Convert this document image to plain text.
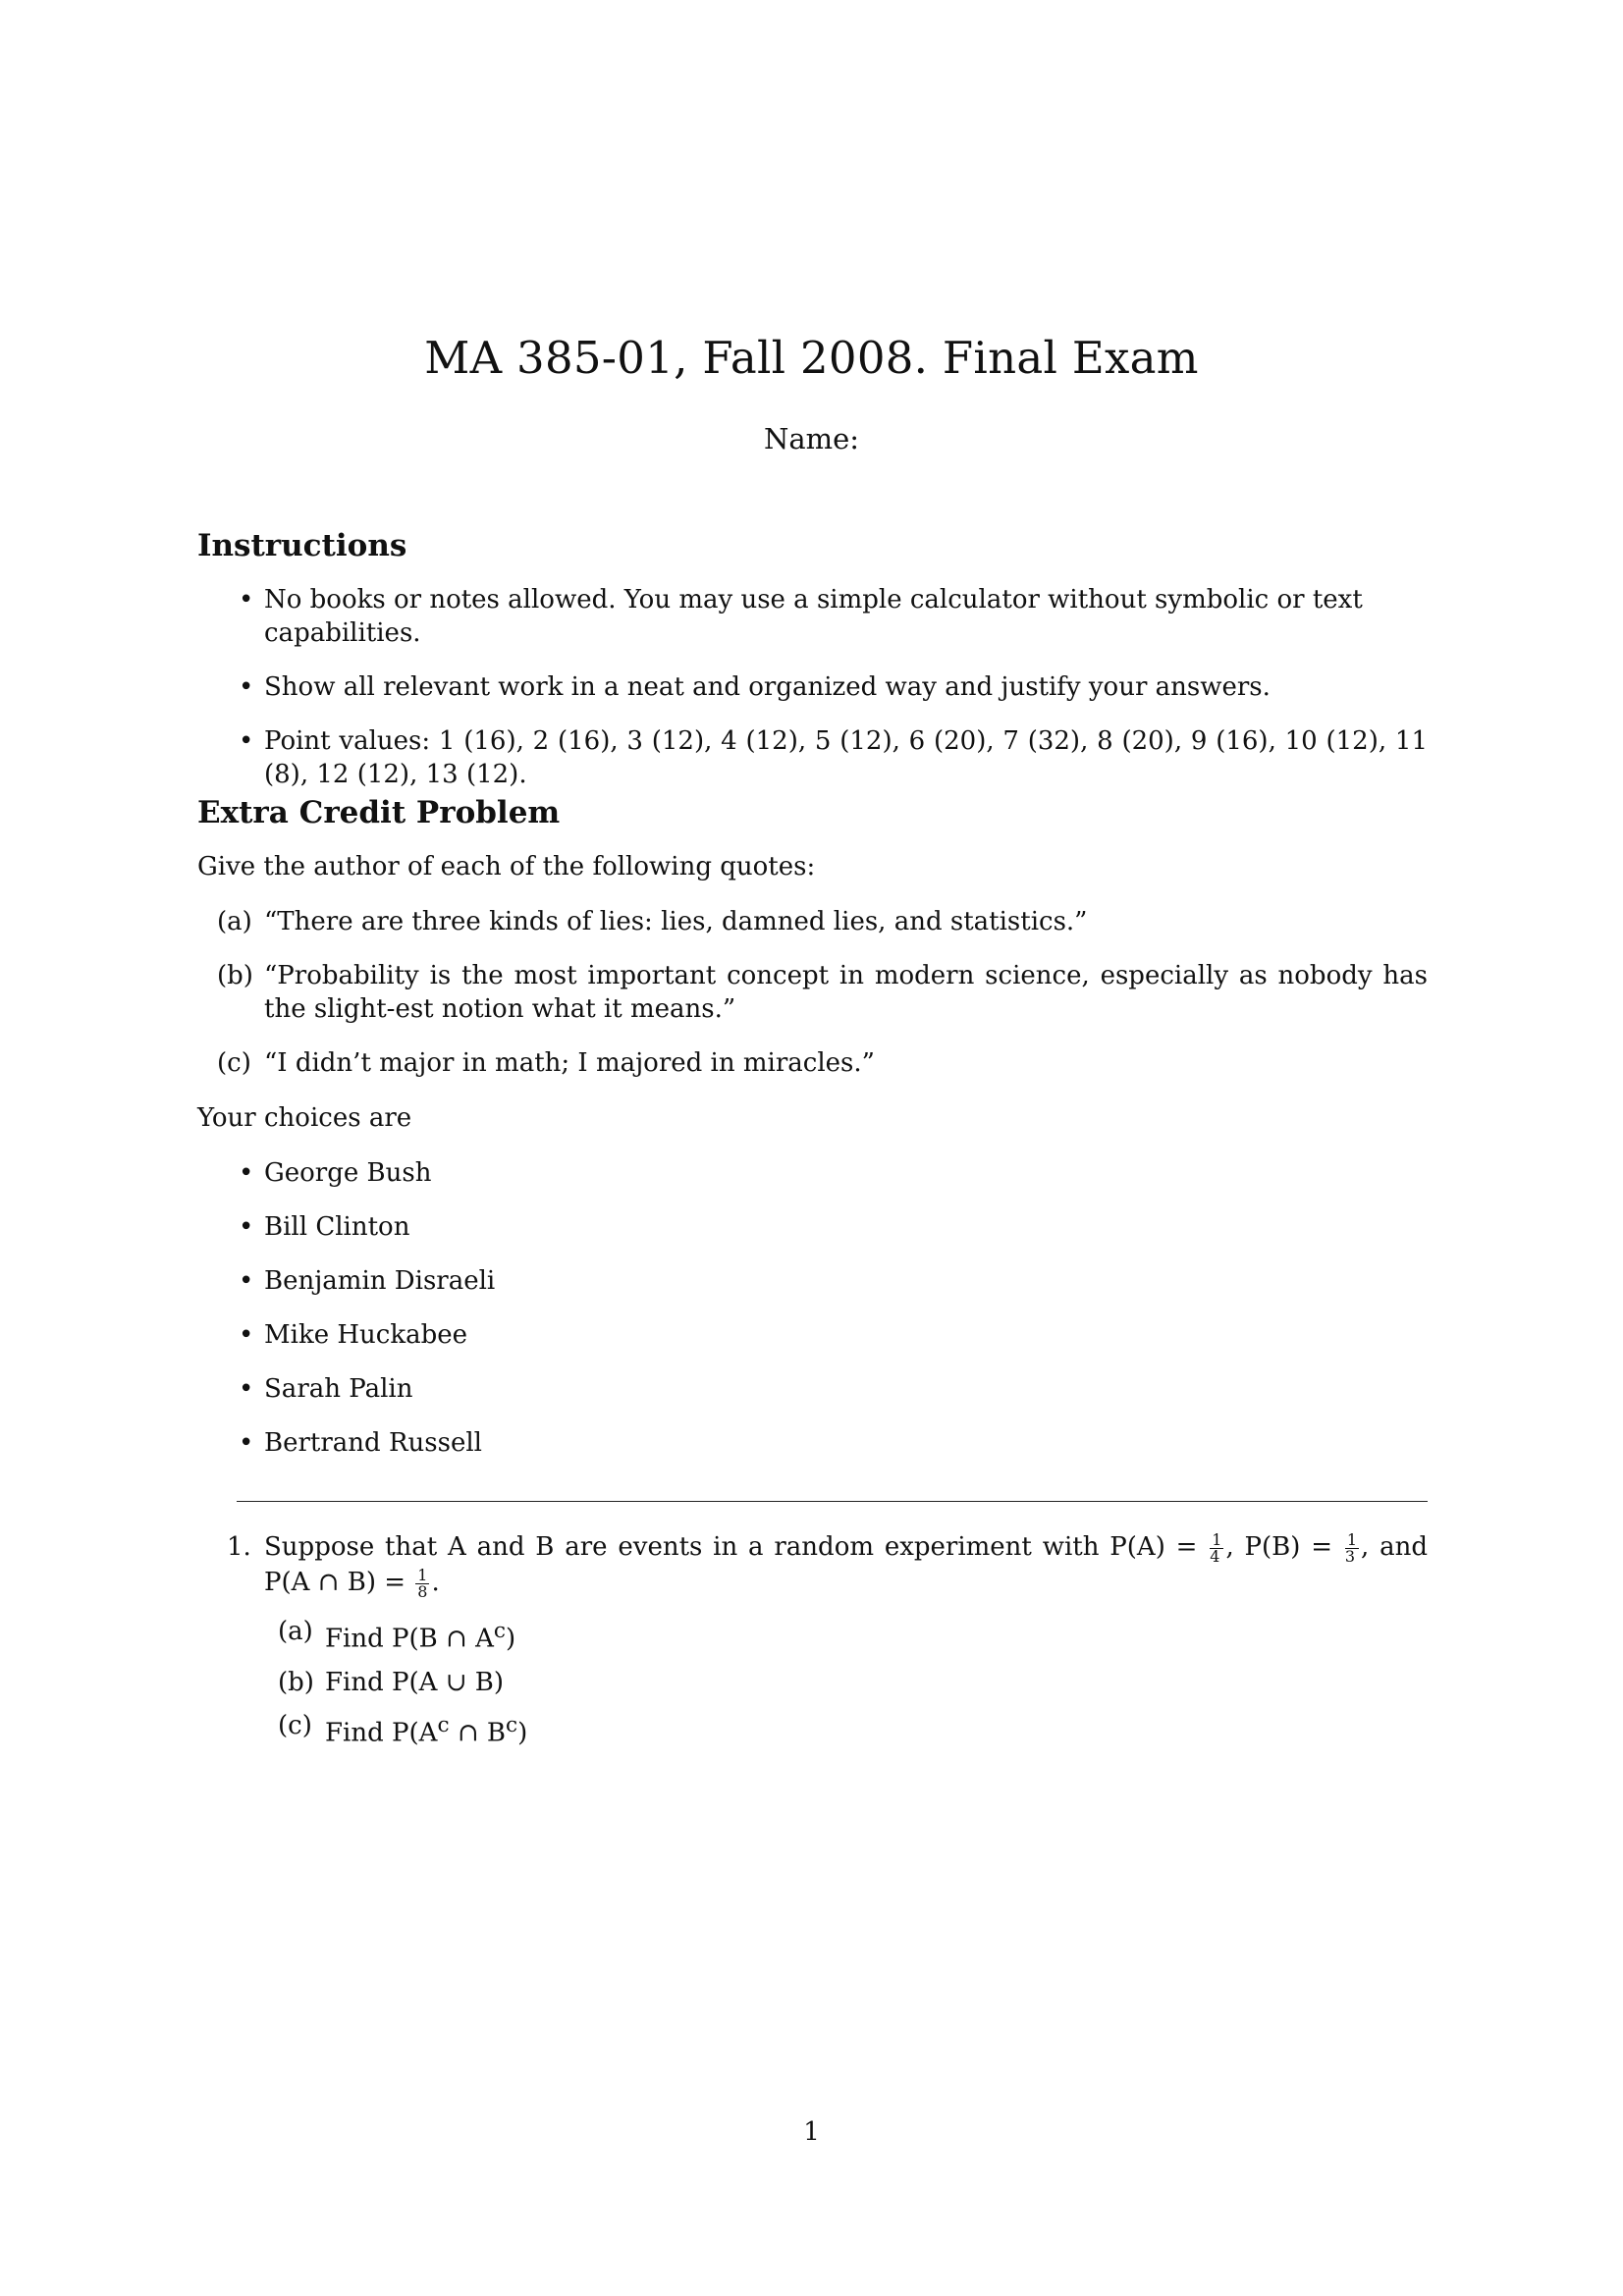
MA 385-01, Fall 2008. Final Exam
Name:
Instructions
• No books or notes allowed. You may use a simple calculator without symbolic or text capabilities.
• Show all relevant work in a neat and organized way and justify your answers.
• Point values: 1 (16), 2 (16), 3 (12), 4 (12), 5 (12), 6 (20), 7 (32), 8 (20), 9 (16), 10 (12), 11 (8), 12 (12), 13 (12).
Extra Credit Problem
Give the author of each of the following quotes:
(a) “There are three kinds of lies: lies, damned lies, and statistics.”
(b) “Probability is the most important concept in modern science, especially as nobody has the slight-est notion what it means.”
(c) “I didn’t major in math; I majored in miracles.”
Your choices are
• George Bush
• Bill Clinton
• Benjamin Disraeli
• Mike Huckabee
• Sarah Palin
• Bertrand Russell
1. Suppose that A and B are events in a random experiment with $P(A) = \frac{1}{4}$ , $P(B) = \frac{1}{3}$ , and
P(A ∩ $B) = \frac{1}{8}$ .
(a) Find P(B ∩ $A^c$)
(b) Find P(A ∪ B)
(c) Find $P(A^c$ ∩ $B^c$)
1
